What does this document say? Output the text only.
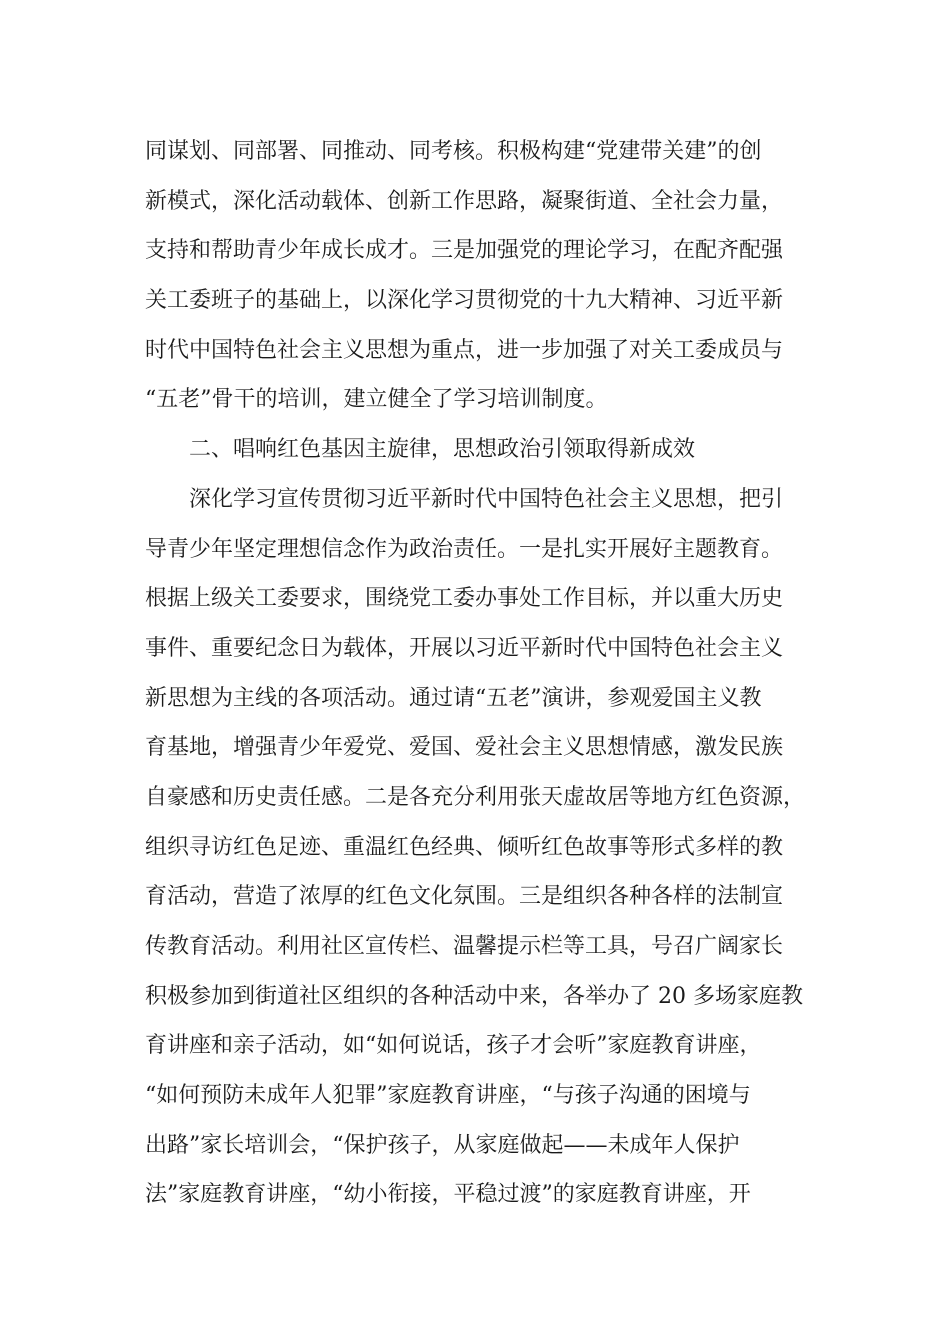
同谋划、同部署、同推动、同考核。积极构建“党建带关建”的创
新模式，深化活动载体、创新工作思路，凝聚街道、全社会力量，
支持和帮助青少年成长成才。三是加强党的理论学习，在配齐配强
关工委班子的基础上，以深化学习贯彻党的十九大精神、习近平新
时代中国特色社会主义思想为重点，进一步加强了对关工委成员与
“五老”骨干的培训，建立健全了学习培训制度。
　　二、唱响红色基因主旋律，思想政治引领取得新成效
　　深化学习宣传贯彻习近平新时代中国特色社会主义思想，把引
导青少年坚定理想信念作为政治责任。一是扎实开展好主题教育。
根据上级关工委要求，围绕党工委办事处工作目标，并以重大历史
事件、重要纪念日为载体，开展以习近平新时代中国特色社会主义
新思想为主线的各项活动。通过请“五老”演讲，参观爱国主义教
育基地，增强青少年爱党、爱国、爱社会主义思想情感，激发民族
自豪感和历史责任感。二是各充分利用张天虚故居等地方红色资源，
组织寻访红色足迹、重温红色经典、倾听红色故事等形式多样的教
育活动，营造了浓厚的红色文化氛围。三是组织各种各样的法制宣
传教育活动。利用社区宣传栏、温馨提示栏等工具，号召广阔家长
积极参加到街道社区组织的各种活动中来，各举办了 20 多场家庭教
育讲座和亲子活动，如“如何说话，孩子才会听”家庭教育讲座，
“如何预防未成年人犯罪”家庭教育讲座，“与孩子沟通的困境与
出路”家长培训会，“保护孩子，从家庭做起——未成年人保护
法”家庭教育讲座，“幼小衔接，平稳过渡”的家庭教育讲座，开
